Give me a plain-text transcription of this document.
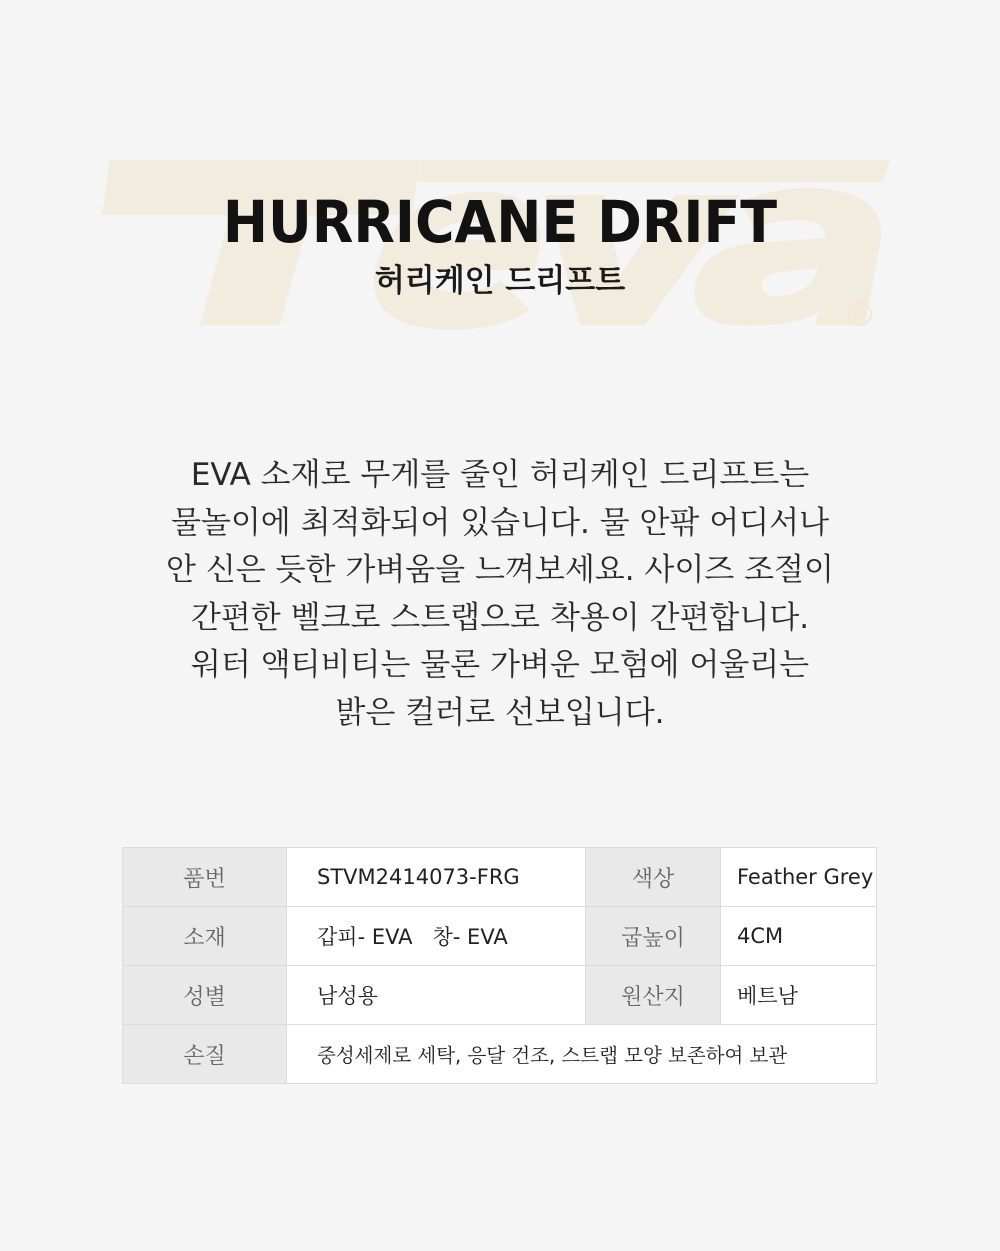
®
HURRICANE DRIFT
허리케인 드리프트
EVA 소재로 무게를 줄인 허리케인 드리프트는
물놀이에 최적화되어 있습니다. 물 안팎 어디서나
안 신은 듯한 가벼움을 느껴보세요. 사이즈 조절이
간편한 벨크로 스트랩으로 착용이 간편합니다.
워터 액티비티는 물론 가벼운 모험에 어울리는
밝은 컬러로 선보입니다.
품번	STVM2414073-FRG	색상	Feather Grey
소재	갑피- EVA   창- EVA	굽높이	4CM
성별	남성용	원산지	베트남
손질	중성세제로 세탁, 응달 건조, 스트랩 모양 보존하여 보관		
